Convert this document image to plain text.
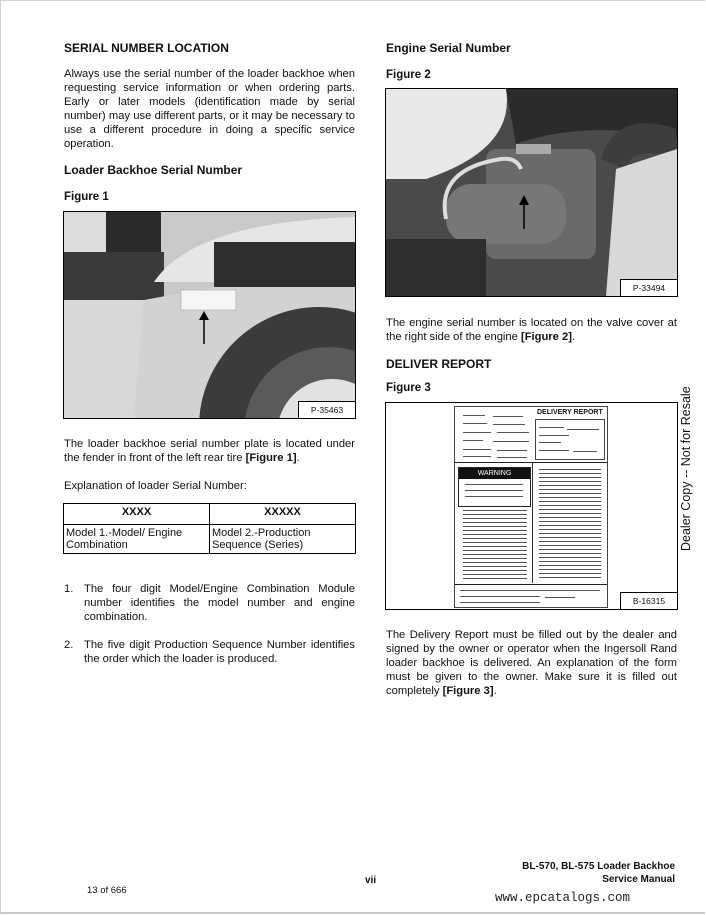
SERIAL NUMBER LOCATION
Always use the serial number of the loader backhoe when requesting service information or when ordering parts. Early or later models (identification made by serial number) may use different parts, or it may be necessary to use a different procedure in doing a specific service operation.
Loader Backhoe Serial Number
Figure 1
P-35463
The loader backhoe serial number plate is located under the fender in front of the left rear tire [Figure 1].
Explanation of loader Serial Number:
XXXX	XXXXX
Model 1.-Model/ Engine Combination	Model 2.-Production Sequence (Series)
1. The four digit Model/Engine Combination Module number identifies the model number and engine combination.
2. The five digit Production Sequence Number identifies the order which the loader is produced.
Engine Serial Number
Figure 2
P-33494
The engine serial number is located on the valve cover at the right side of the engine [Figure 2].
DELIVER REPORT
Figure 3
DELIVERY REPORT
WARNING
B-16315
The Delivery Report must be filled out by the dealer and signed by the owner or operator when the Ingersoll Rand loader backhoe is delivered. An explanation of the form must be given to the owner. Make sure it is filled out completely [Figure 3].
Dealer Copy -- Not for Resale
13 of 666
vii
BL-570, BL-575 Loader Backhoe
Service Manual
www.epcatalogs.com
